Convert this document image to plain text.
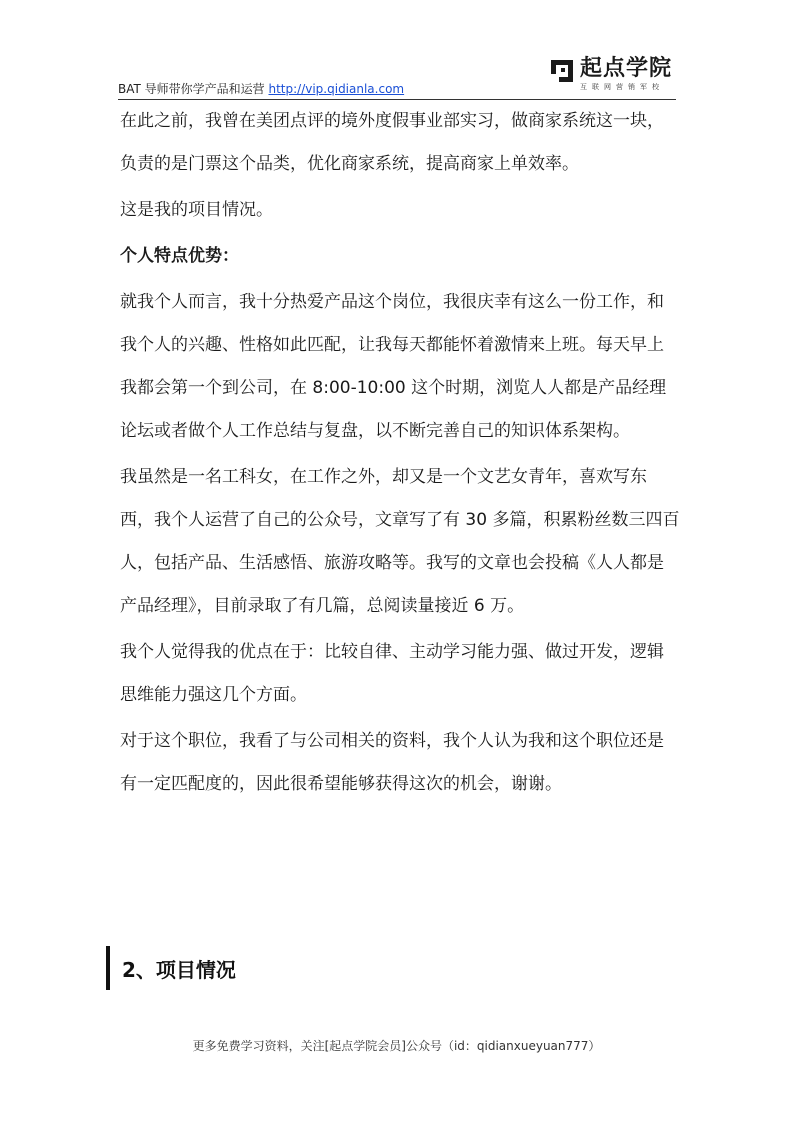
BAT 导师带你学产品和运营 http://vip.qidianla.com
起点学院
互联网营销军校

在此之前，我曾在美团点评的境外度假事业部实习，做商家系统这一块，负责的是门票这个品类，优化商家系统，提高商家上单效率。

这是我的项目情况。

个人特点优势：

就我个人而言，我十分热爱产品这个岗位，我很庆幸有这么一份工作，和我个人的兴趣、性格如此匹配，让我每天都能怀着激情来上班。每天早上我都会第一个到公司，在 8:00-10:00 这个时期，浏览人人都是产品经理论坛或者做个人工作总结与复盘，以不断完善自己的知识体系架构。

我虽然是一名工科女，在工作之外，却又是一个文艺女青年，喜欢写东西，我个人运营了自己的公众号，文章写了有 30 多篇，积累粉丝数三四百人，包括产品、生活感悟、旅游攻略等。我写的文章也会投稿《人人都是产品经理》，目前录取了有几篇，总阅读量接近 6 万。

我个人觉得我的优点在于：比较自律、主动学习能力强、做过开发，逻辑思维能力强这几个方面。

对于这个职位，我看了与公司相关的资料，我个人认为我和这个职位还是有一定匹配度的，因此很希望能够获得这次的机会，谢谢。

2、项目情况
更多免费学习资料，关注[起点学院会员]公众号（id：qidianxueyuan777）
